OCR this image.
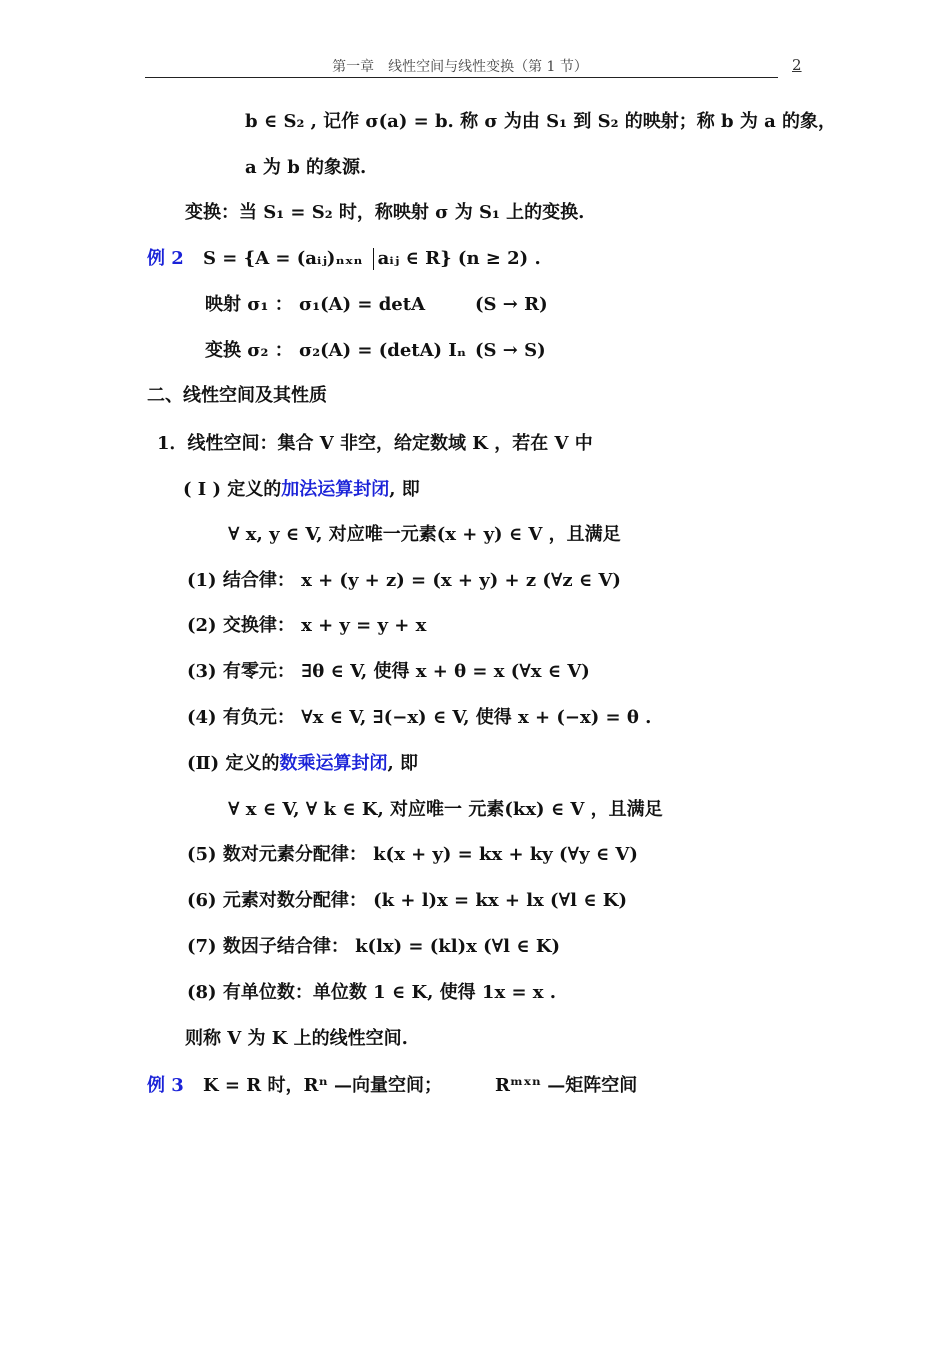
第一章　线性空间与线性变换（第 1 节）	2
b ∈ S₂ , 记作 σ(a) = b. 称 σ 为由 S₁ 到 S₂ 的映射；称 b 为 a 的象，
a 为 b 的象源.
变换：当 S₁ = S₂ 时，称映射 σ 为 S₁ 上的变换.
例 2 S = {A = (aᵢⱼ)ₙₓₙ aᵢⱼ ∈ R} (n ≥ 2) .
映射 σ₁ ： σ₁(A) = detA	(S → R)
变换 σ₂ ： σ₂(A) = (detA) Iₙ (S → S)
二、线性空间及其性质
1．线性空间：集合 V 非空，给定数域 K ，若在 V 中
( I ) 定义的加法运算封闭, 即
∀ x, y ∈ V, 对应唯一元素(x + y) ∈ V ，且满足
(1) 结合律： x + (y + z) = (x + y) + z (∀z ∈ V)
(2) 交换律： x + y = y + x
(3) 有零元： ∃θ ∈ V, 使得 x + θ = x (∀x ∈ V)
(4) 有负元： ∀x ∈ V, ∃(−x) ∈ V, 使得 x + (−x) = θ .
(Ⅱ) 定义的数乘运算封闭, 即
∀ x ∈ V, ∀ k ∈ K, 对应唯一 元素(kx) ∈ V ，且满足
(5) 数对元素分配律： k(x + y) = kx + ky (∀y ∈ V)
(6) 元素对数分配律： (k + l)x = kx + lx (∀l ∈ K)
(7) 数因子结合律： k(lx) = (kl)x (∀l ∈ K)
(8) 有单位数：单位数 1 ∈ K, 使得 1x = x .
则称 V 为 K 上的线性空间.
例 3 K = R 时，Rⁿ —向量空间；	Rᵐˣⁿ —矩阵空间
